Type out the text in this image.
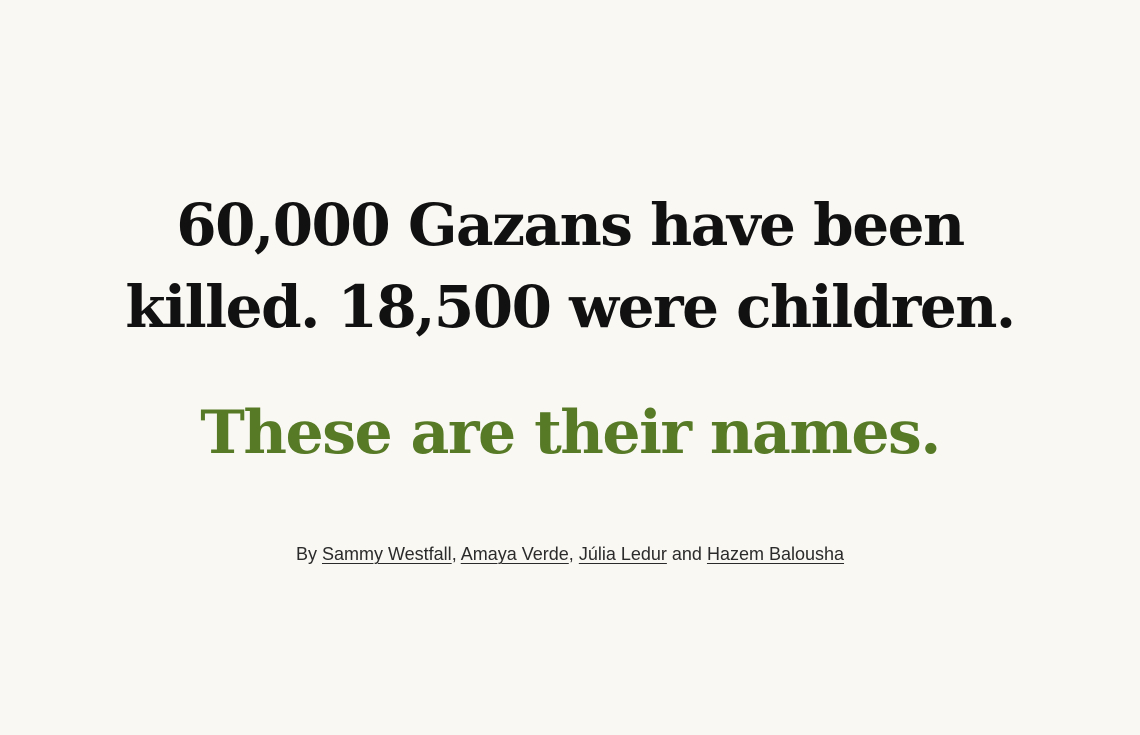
60,000 Gazans have been
killed. 18,500 were children.
These are their names.

By Sammy Westfall, Amaya Verde, Júlia Ledur and Hazem Balousha
